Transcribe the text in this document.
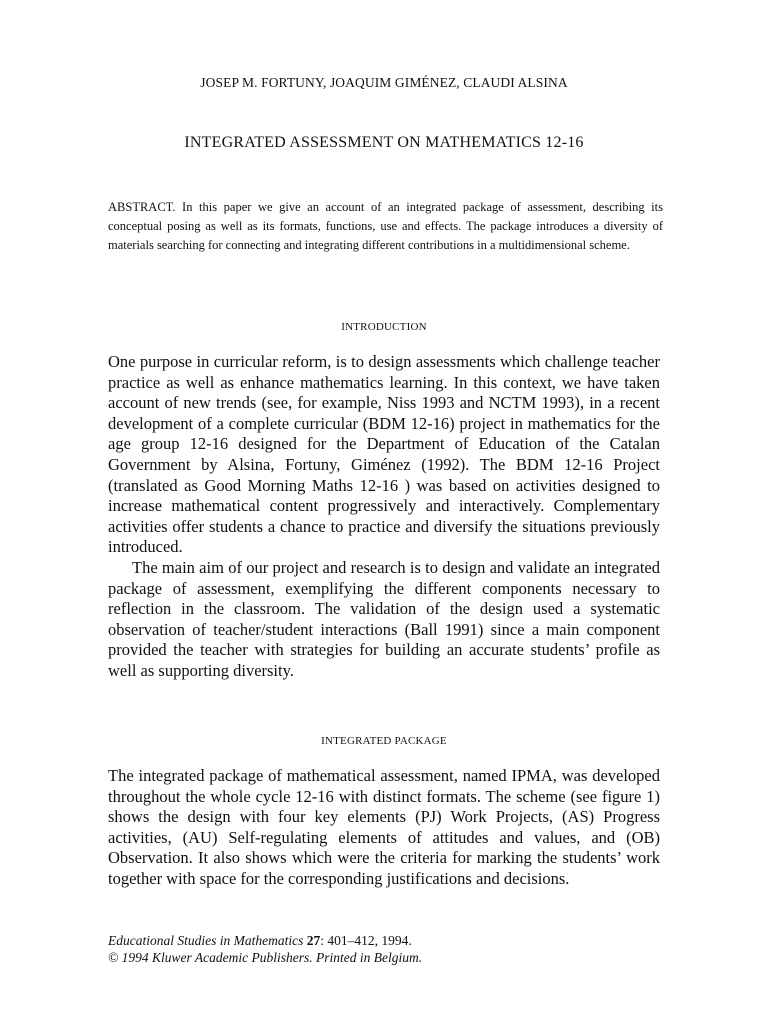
JOSEP M. FORTUNY, JOAQUIM GIMÉNEZ, CLAUDI ALSINA
INTEGRATED ASSESSMENT ON MATHEMATICS 12-16
ABSTRACT. In this paper we give an account of an integrated package of assessment, describing its conceptual posing as well as its formats, functions, use and effects. The package introduces a diversity of materials searching for connecting and integrating different contributions in a multidimensional scheme.
INTRODUCTION

One purpose in curricular reform, is to design assessments which challenge teacher practice as well as enhance mathematics learning. In this context, we have taken account of new trends (see, for example, Niss 1993 and NCTM 1993), in a recent development of a complete curricular (BDM 12-16) project in mathematics for the age group 12-16 designed for the Department of Education of the Catalan Government by Alsina, Fortuny, Giménez (1992). The BDM 12-16 Project (translated as Good Morning Maths 12-16 ) was based on activities designed to increase mathematical content progressively and interactively. Complementary activities offer students a chance to practice and diversify the situations previously introduced.

The main aim of our project and research is to design and validate an integrated package of assessment, exemplifying the different components necessary to reflection in the classroom. The validation of the design used a systematic observation of teacher/student interactions (Ball 1991) since a main component provided the teacher with strategies for building an accurate students’ profile as well as supporting diversity.

INTEGRATED PACKAGE

The integrated package of mathematical assessment, named IPMA, was developed throughout the whole cycle 12-16 with distinct formats. The scheme (see figure 1) shows the design with four key elements (PJ) Work Projects, (AS) Progress activities, (AU) Self-regulating elements of attitudes and values, and (OB) Observation. It also shows which were the criteria for marking the students’ work together with space for the corresponding justifications and decisions.

Educational Studies in Mathematics 27: 401–412, 1994.
© 1994 Kluwer Academic Publishers. Printed in Belgium.
